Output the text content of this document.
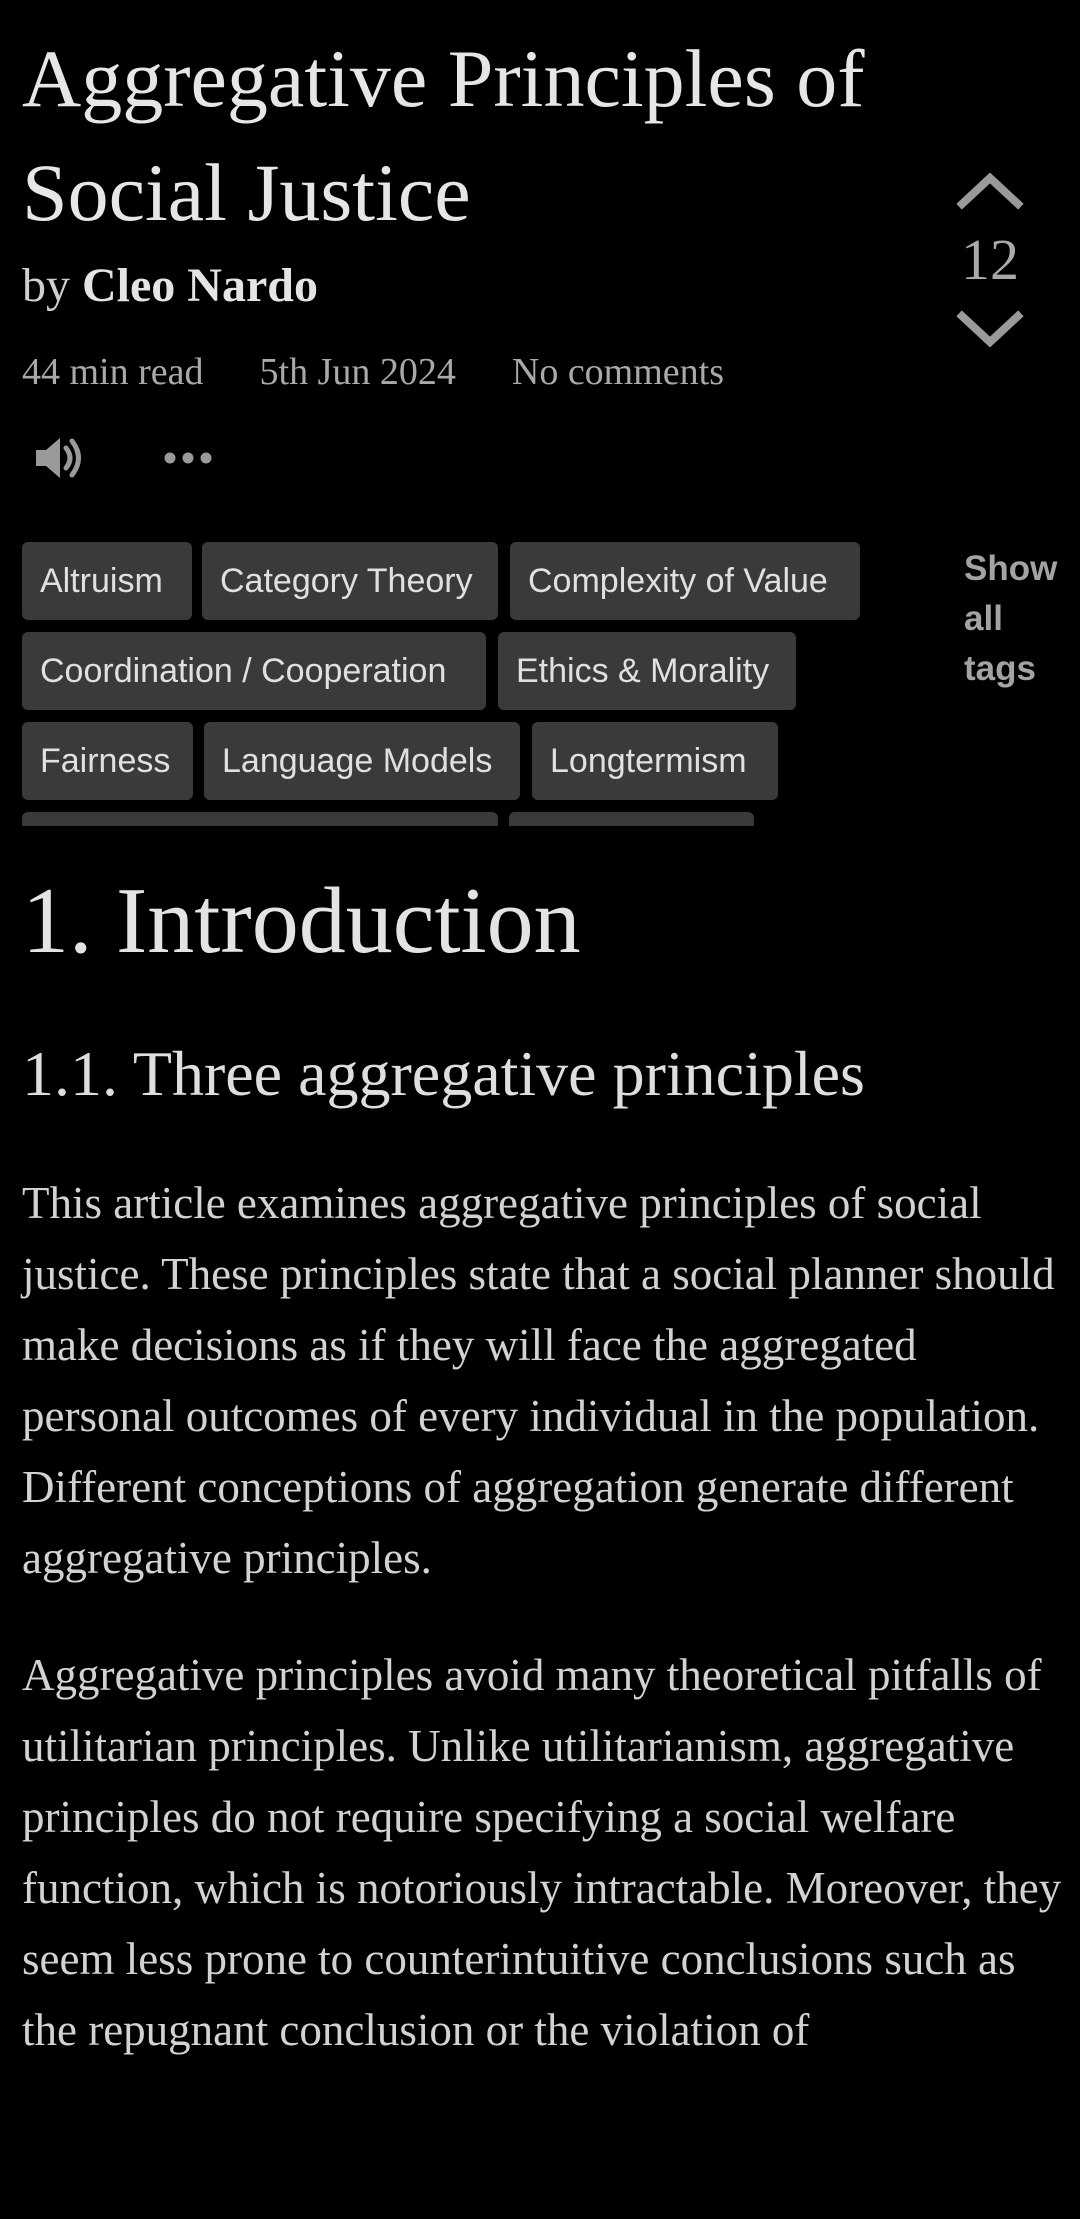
Aggregative Principles of Social Justice
by Cleo Nardo
44 min read 5th Jun 2024 No comments
12
Altruism	Category Theory	Complexity of Value
Coordination / Cooperation	Ethics & Morality
Fairness	Language Models	Longtermism
Show all tags
1. Introduction
1.1. Three aggregative principles

This article examines aggregative principles of social justice. These principles state that a social planner should make decisions as if they will face the aggregated personal outcomes of every individual in the population. Different conceptions of aggregation generate different aggregative principles.

Aggregative principles avoid many theoretical pitfalls of utilitarian principles. Unlike utilitarianism, aggregative principles do not require specifying a social welfare function, which is notoriously intractable. Moreover, they seem less prone to counterintuitive conclusions such as the repugnant conclusion or the violation of
